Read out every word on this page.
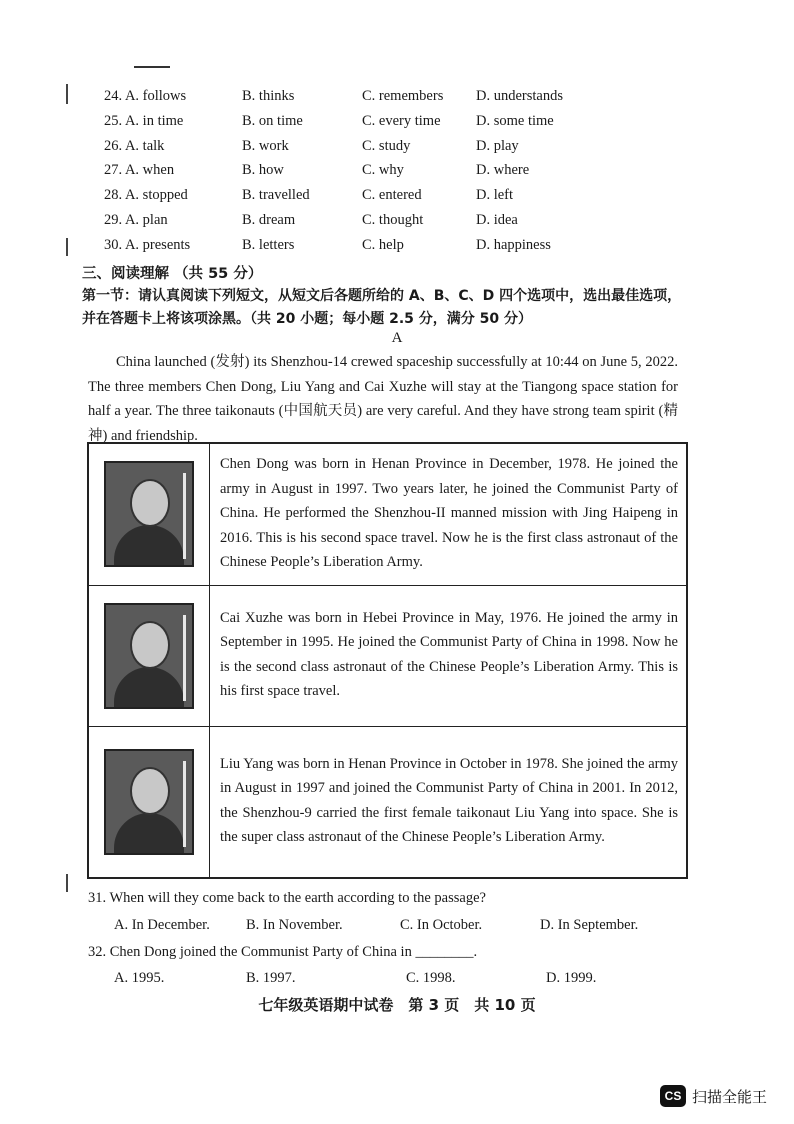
24. A. follows	B. thinks	C. remembers D. understands
25. A. in time	B. on time	C. every time D. some time
26. A. talk	B. work	C. study	D. play
27. A. when	B. how	C. why	D. where
28. A. stopped	B. travelled	C. entered	D. left
29. A. plan	B. dream	C. thought	D. idea
30. A. presents	B. letters	C. help	D. happiness
三、阅读理解 （共 55 分）
第一节：请认真阅读下列短文，从短文后各题所给的 A、B、C、D 四个选项中，选出最佳选项，并在答题卡上将该项涂黑。（共 20 小题；每小题 2.5 分，满分 50 分）
A
China launched (发射) its Shenzhou-14 crewed spaceship successfully at 10:44 on June 5, 2022. The three members Chen Dong, Liu Yang and Cai Xuzhe will stay at the Tiangong space station for half a year. The three taikonauts (中国航天员) are very careful. And they have strong team spirit (精神) and friendship.
	Chen Dong was born in Henan Province in December, 1978. He joined the army in August in 1997. Two years later, he joined the Communist Party of China. He performed the Shenzhou-II manned mission with Jing Haipeng in 2016. This is his second space travel. Now he is the first class astronaut of the Chinese People’s Liberation Army.

	Cai Xuzhe was born in Hebei Province in May, 1976. He joined the army in September in 1995. He joined the Communist Party of China in 1998. Now he is the second class astronaut of the Chinese People’s Liberation Army. This is his first space travel.

	Liu Yang was born in Henan Province in October in 1978. She joined the army in August in 1997 and joined the Communist Party of China in 2001. In 2012, the Shenzhou-9 carried the first female taikonaut Liu Yang into space. She is the super class astronaut of the Chinese People’s Liberation Army.
31. When will they come back to the earth according to the passage?
A. In December. B. In November.	C. In October.	D. In September.
32. Chen Dong joined the Communist Party of China in ________.
A. 1995.	B. 1997.	C. 1998.	D. 1999.
七年级英语期中试卷　第 3 页　共 10 页
CS 扫描全能王
